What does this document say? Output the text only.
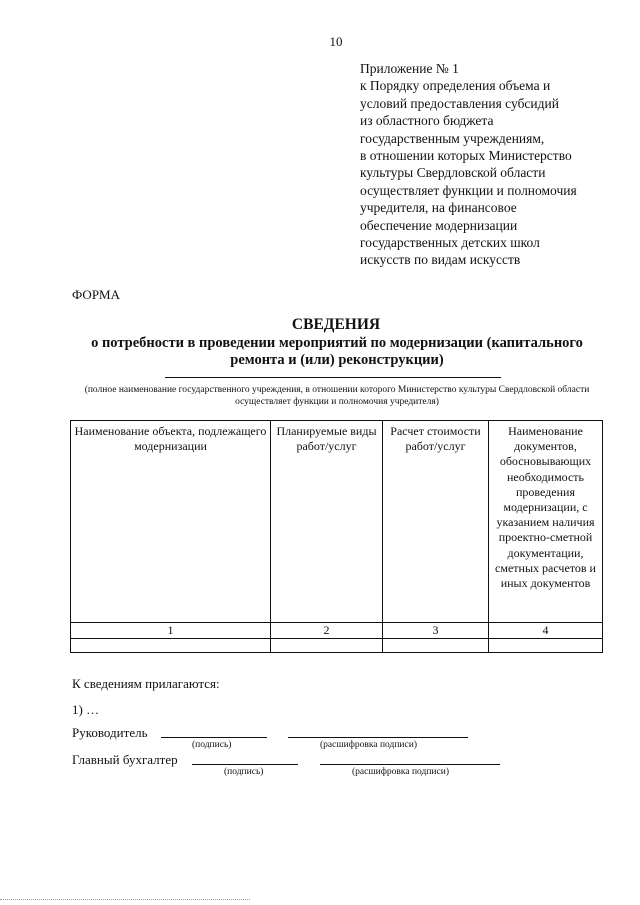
10
Приложение № 1
к Порядку определения объема и
условий предоставления субсидий
из областного бюджета
государственным учреждениям,
в отношении которых Министерство
культуры Свердловской области
осуществляет функции и полномочия
учредителя, на финансовое
обеспечение модернизации
государственных детских школ
искусств по видам искусств
ФОРМА
СВЕДЕНИЯ
о потребности в проведении мероприятий по модернизации (капитального ремонта и (или) реконструкции)
(полное наименование государственного учреждения, в отношении которого Министерство культуры Свердловской области осуществляет функции и полномочия учредителя)
Наименование объекта, подлежащего модернизации	Планируемые виды работ/услуг	Расчет стоимости работ/услуг	Наименование документов, обосновывающих необходимость проведения модернизации, с указанием наличия проектно-сметной документации, сметных расчетов и иных документов
1	2	3	4

К сведениям прилагаются:
1) …
Руководитель
(подпись)	(расшифровка подписи)
Главный бухгалтер
(подпись)	(расшифровка подписи)
